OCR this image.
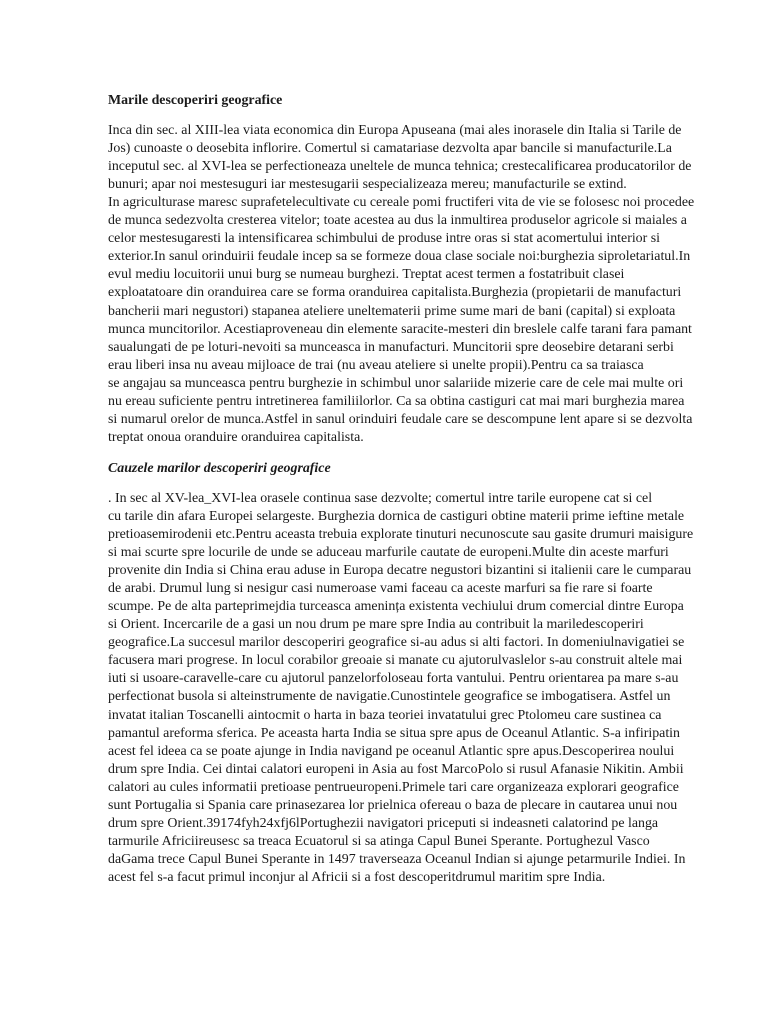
Marile descoperiri geografice
Inca din sec. al XIII-lea viata economica din Europa Apuseana (mai ales inorasele din Italia si Tarile de
Jos) cunoaste o deosebita inflorire. Comertul si camatariase dezvolta apar bancile si manufacturile.La
inceputul sec. al XVI-lea se perfectioneaza uneltele de munca tehnica; crestecalificarea producatorilor de
bunuri; apar noi mestesuguri iar mestesugarii sespecializeaza mereu; manufacturile se extind.
In agriculturase maresc suprafetelecultivate cu cereale pomi fructiferi vita de vie se folosesc noi procedee
de munca sedezvolta cresterea vitelor; toate acestea au dus la inmultirea produselor agricole si maiales a
celor mestesugaresti la intensificarea schimbului de produse intre oras si stat acomertului interior si
exterior.In sanul orinduirii feudale incep sa se formeze doua clase sociale noi:burghezia siproletariatul.In
evul mediu locuitorii unui burg se numeau burghezi. Treptat acest termen a fostatribuit clasei
exploatatoare din oranduirea care se forma oranduirea capitalista.Burghezia (propietarii de manufacturi
bancherii mari negustori) stapanea ateliere uneltematerii prime sume mari de bani (capital) si exploata
munca muncitorilor. Acestiaproveneau din elemente saracite-mesteri din breslele calfe tarani fara pamant
saualungati de pe loturi-nevoiti sa munceasca in manufacturi. Muncitorii spre deosebire detarani serbi
erau liberi insa nu aveau mijloace de trai (nu aveau ateliere si unelte propii).Pentru ca sa traiasca
se angajau sa munceasca pentru burghezie in schimbul unor salariide mizerie care de cele mai multe ori
nu ereau suficiente pentru intretinerea familiilorlor. Ca sa obtina castiguri cat mai mari burghezia marea
si numarul orelor de munca.Astfel in sanul orinduiri feudale care se descompune lent apare si se dezvolta
treptat onoua oranduire oranduirea capitalista.
Cauzele marilor descoperiri geografice
. In sec al XV-lea_XVI-lea orasele continua sase dezvolte; comertul intre tarile europene cat si cel
cu tarile din afara Europei selargeste. Burghezia dornica de castiguri obtine materii prime ieftine metale
pretioasemirodenii etc.Pentru aceasta trebuia explorate tinuturi necunoscute sau gasite drumuri maisigure
si mai scurte spre locurile de unde se aduceau marfurile cautate de europeni.Multe din aceste marfuri
provenite din India si China erau aduse in Europa decatre negustori bizantini si italienii care le cumparau
de arabi. Drumul lung si nesigur casi numeroase vami faceau ca aceste marfuri sa fie rare si foarte
scumpe. Pe de alta parteprimejdia turceasca amenința existenta vechiului drum comercial dintre Europa
si Orient. Incercarile de a gasi un nou drum pe mare spre India au contribuit la mariledescoperiri
geografice.La succesul marilor descoperiri geografice si-au adus si alti factori. In domeniulnavigatiei se
facusera mari progrese. In locul corabilor greoaie si manate cu ajutorulvaslelor s-au construit altele mai
iuti si usoare-caravelle-care cu ajutorul panzelorfoloseau forta vantului. Pentru orientarea pa mare s-au
perfectionat busola si alteinstrumente de navigatie.Cunostintele geografice se imbogatisera. Astfel un
invatat italian Toscanelli aintocmit o harta in baza teoriei invatatului grec Ptolomeu care sustinea ca
pamantul areforma sferica. Pe aceasta harta India se situa spre apus de Oceanul Atlantic. S-a infiripatin
acest fel ideea ca se poate ajunge in India navigand pe oceanul Atlantic spre apus.Descoperirea noului
drum spre India. Cei dintai calatori europeni in Asia au fost MarcoPolo si rusul Afanasie Nikitin. Ambii
calatori au cules informatii pretioase pentrueuropeni.Primele tari care organizeaza explorari geografice
sunt Portugalia si Spania care prinasezarea lor prielnica ofereau o baza de plecare in cautarea unui nou
drum spre Orient.39174fyh24xfj6lPortughezii navigatori priceputi si indeasneti calatorind pe langa
tarmurile Africiireusesc sa treaca Ecuatorul si sa atinga Capul Bunei Sperante. Portughezul Vasco
daGama trece Capul Bunei Sperante in 1497 traverseaza Oceanul Indian si ajunge petarmurile Indiei. In
acest fel s-a facut primul inconjur al Africii si a fost descoperitdrumul maritim spre India.
